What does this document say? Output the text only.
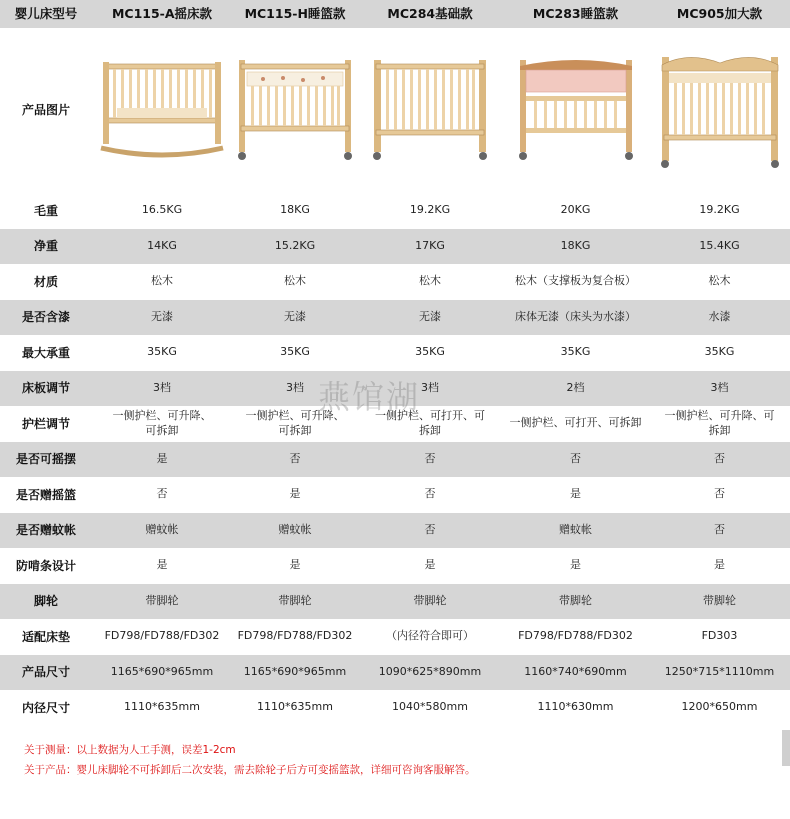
婴儿床型号	MC115-A摇床款	MC115-H睡篮款	MC284基础款	MC283睡篮款	MC905加大款
产品图片	

毛重	16.5KG	18KG	19.2KG	20KG	19.2KG
净重	14KG	15.2KG	17KG	18KG	15.4KG
材质	松木	松木	松木	松木（支撑板为复合板）	松木
是否含漆	无漆	无漆	无漆	床体无漆（床头为水漆）	水漆
最大承重	35KG	35KG	35KG	35KG	35KG
床板调节	3档	3档	3档	2档	3档
护栏调节	一侧护栏、可升降、可拆卸	一侧护栏、可升降、可拆卸	一侧护栏、可打开、可拆卸	一侧护栏、可打开、可拆卸	一侧护栏、可升降、可拆卸
是否可摇摆	是	否	否	否	否
是否赠摇篮	否	是	否	是	否
是否赠蚊帐	赠蚊帐	赠蚊帐	否	赠蚊帐	否
防啃条设计	是	是	是	是	是
脚轮	带脚轮	带脚轮	带脚轮	带脚轮	带脚轮
适配床垫	FD798/FD788/FD302	FD798/FD788/FD302	（内径符合即可）	FD798/FD788/FD302	FD303
产品尺寸	1165*690*965mm	1165*690*965mm	1090*625*890mm	1160*740*690mm	1250*715*1110mm
内径尺寸	1110*635mm	1110*635mm	1040*580mm	1110*630mm	1200*650mm
燕馆湖
关于测量：以上数据为人工手测，误差1-2cm
关于产品：婴儿床脚轮不可拆卸后二次安装，需去除轮子后方可变摇篮款，详细可咨询客服解答。
